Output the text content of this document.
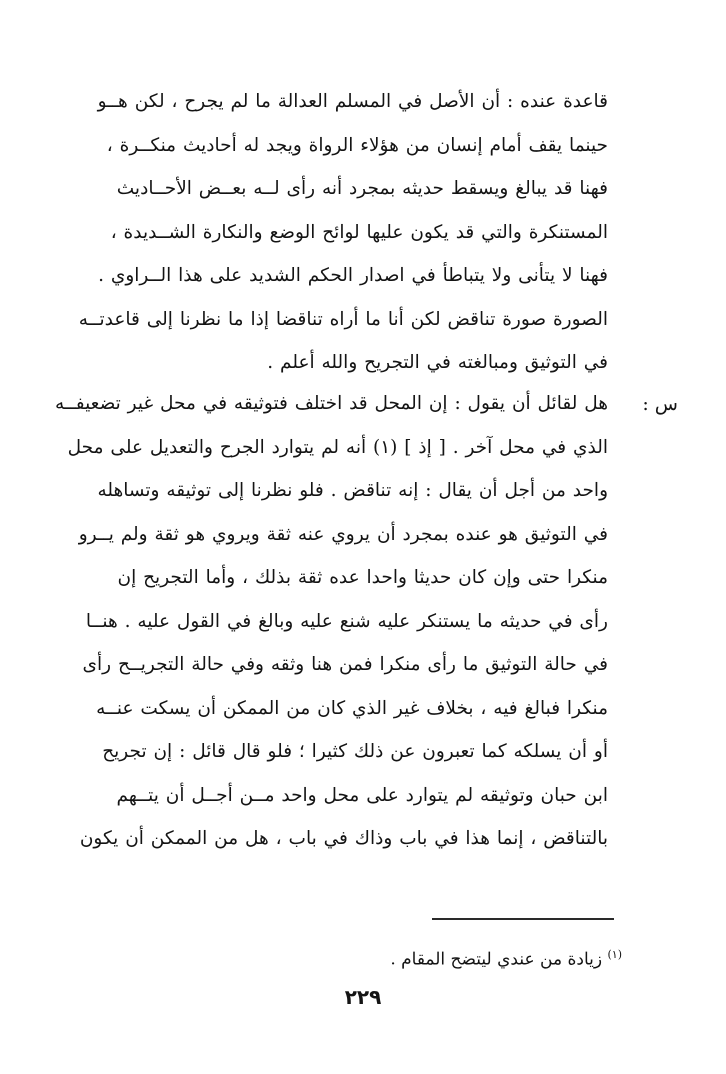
قاعدة عنده : أن الأصل في المسلم العدالة ما لم يجرح ، لكن هــو
حينما يقف أمام إنسان من هؤلاء الرواة ويجد له أحاديث منكــرة ،
فهنا قد يبالغ ويسقط حديثه بمجرد أنه رأى لــه بعــض الأحــاديث
المستنكرة والتي قد يكون عليها لوائح الوضع والنكارة الشــديدة ،
فهنا لا يتأنى ولا يتباطأ في اصدار الحكم الشديد على هذا الــراوي .
الصورة صورة تناقض لكن أنا ما أراه تناقضا إذا ما نظرنا إلى قاعدتــه
في التوثيق ومبالغته في التجريح والله أعلم .

س :

هل لقائل أن يقول : إن المحل قد اختلف فتوثيقه في محل غير تضعيفــه
الذي في محل آخر . [ إذ ] (١) أنه لم يتوارد الجرح والتعديل على محل
واحد من أجل أن يقال : إنه تناقض . فلو نظرنا إلى توثيقه وتساهله
في التوثيق هو عنده بمجرد أن يروي عنه ثقة ويروي هو ثقة ولم يــرو
منكرا حتى وإن كان حديثا واحدا عده ثقة بذلك ، وأما التجريح إن
رأى في حديثه ما يستنكر عليه شنع عليه وبالغ في القول عليه . هنــا
في حالة التوثيق ما رأى منكرا فمن هنا وثقه وفي حالة التجريــح رأى
منكرا فبالغ فيه ، بخلاف غير الذي كان من الممكن أن يسكت عنــه
أو أن يسلكه كما تعبرون عن ذلك كثيرا ؛ فلو قال قائل : إن تجريح
ابن حبان وتوثيقه لم يتوارد على محل واحد مــن أجــل أن يتــهم
بالتناقض ، إنما هذا في باب وذاك في باب ، هل من الممكن أن يكون

$^{(١)}$ زيادة من عندي ليتضح المقام .
٢٢٩
